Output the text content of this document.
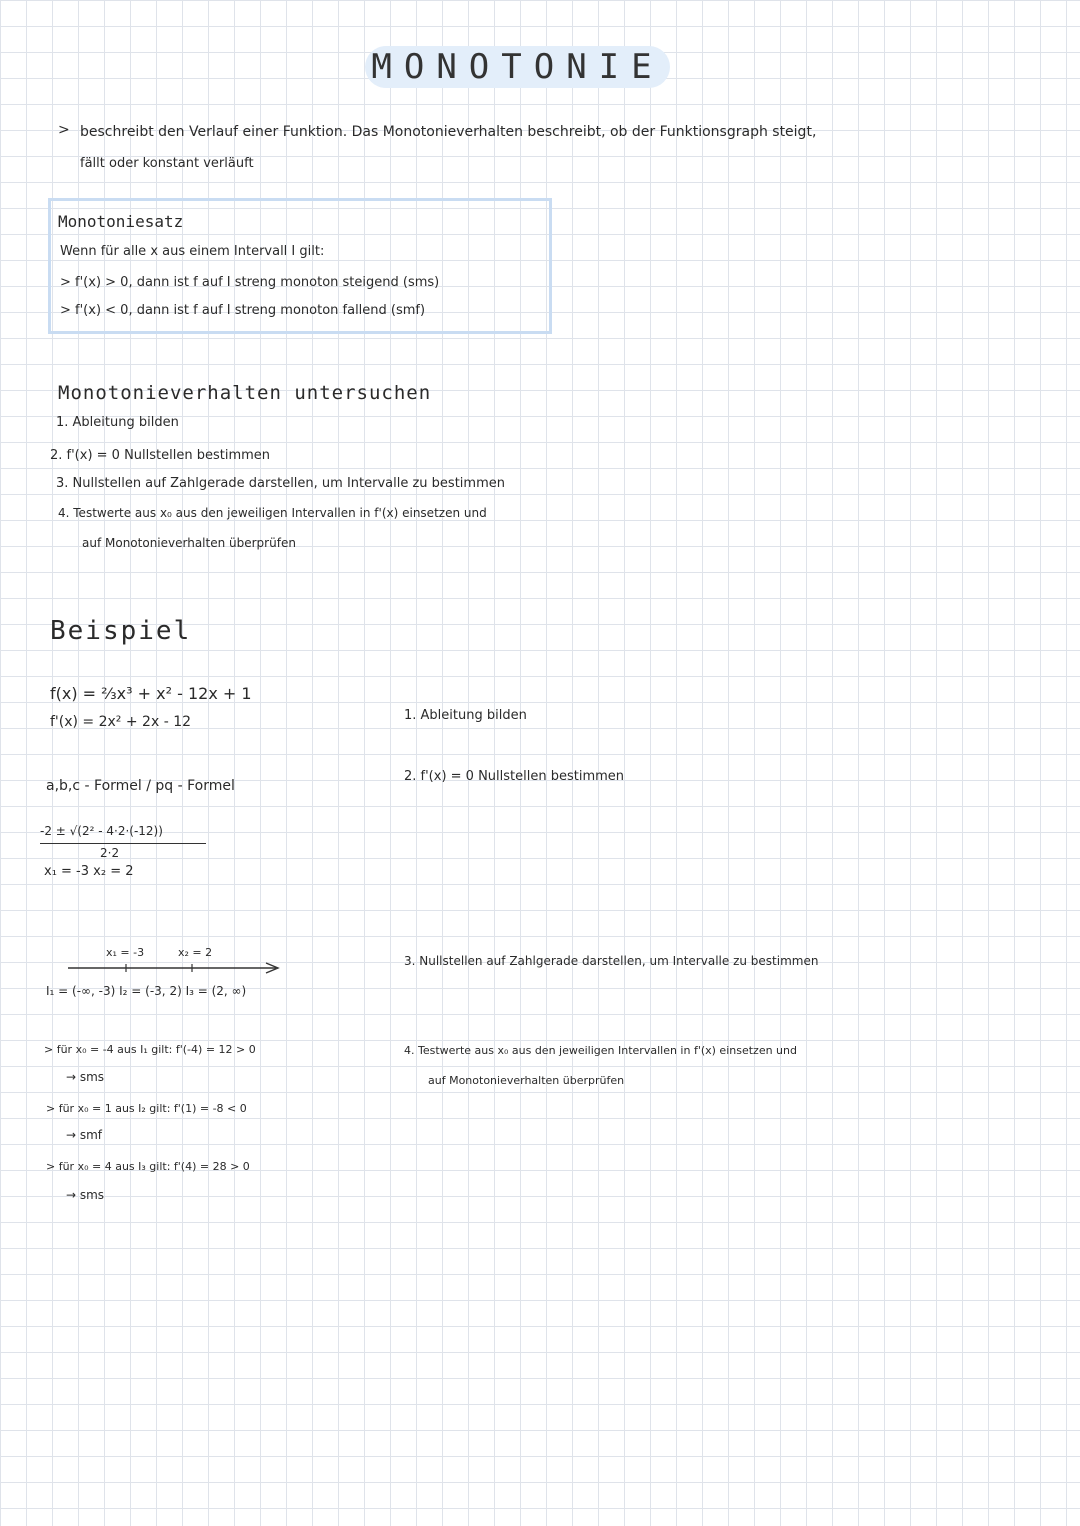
MONOTONIE
> beschreibt den Verlauf einer Funktion. Das Monotonieverhalten beschreibt, ob der Funktionsgraph steigt,
fällt oder konstant verläuft
Monotoniesatz
Wenn für alle x aus einem Intervall I gilt:
> f'(x) > 0, dann ist f auf I streng monoton steigend (sms)
> f'(x) < 0, dann ist f auf I streng monoton fallend (smf)
Monotonieverhalten untersuchen
1. Ableitung bilden
2. f'(x) = 0 Nullstellen bestimmen
3. Nullstellen auf Zahlgerade darstellen, um Intervalle zu bestimmen
4. Testwerte aus x₀ aus den jeweiligen Intervallen in f'(x) einsetzen und
auf Monotonieverhalten überprüfen
Beispiel
f(x) = ⅔x³ + x² - 12x + 1
f'(x) = 2x² + 2x - 12
a,b,c - Formel / pq - Formel
-2 ± √(2² - 4·2·(-12))
2·2
x₁ = -3 x₂ = 2
x₁ = -3	x₂ = 2
I₁ = (-∞, -3) I₂ = (-3, 2) I₃ = (2, ∞)
> für x₀ = -4 aus I₁ gilt: f'(-4) = 12 > 0
→ sms
> für x₀ = 1 aus I₂ gilt: f'(1) = -8 < 0
→ smf
> für x₀ = 4 aus I₃ gilt: f'(4) = 28 > 0
→ sms
1. Ableitung bilden
2. f'(x) = 0 Nullstellen bestimmen
3. Nullstellen auf Zahlgerade darstellen, um Intervalle zu bestimmen
4. Testwerte aus x₀ aus den jeweiligen Intervallen in f'(x) einsetzen und
auf Monotonieverhalten überprüfen
